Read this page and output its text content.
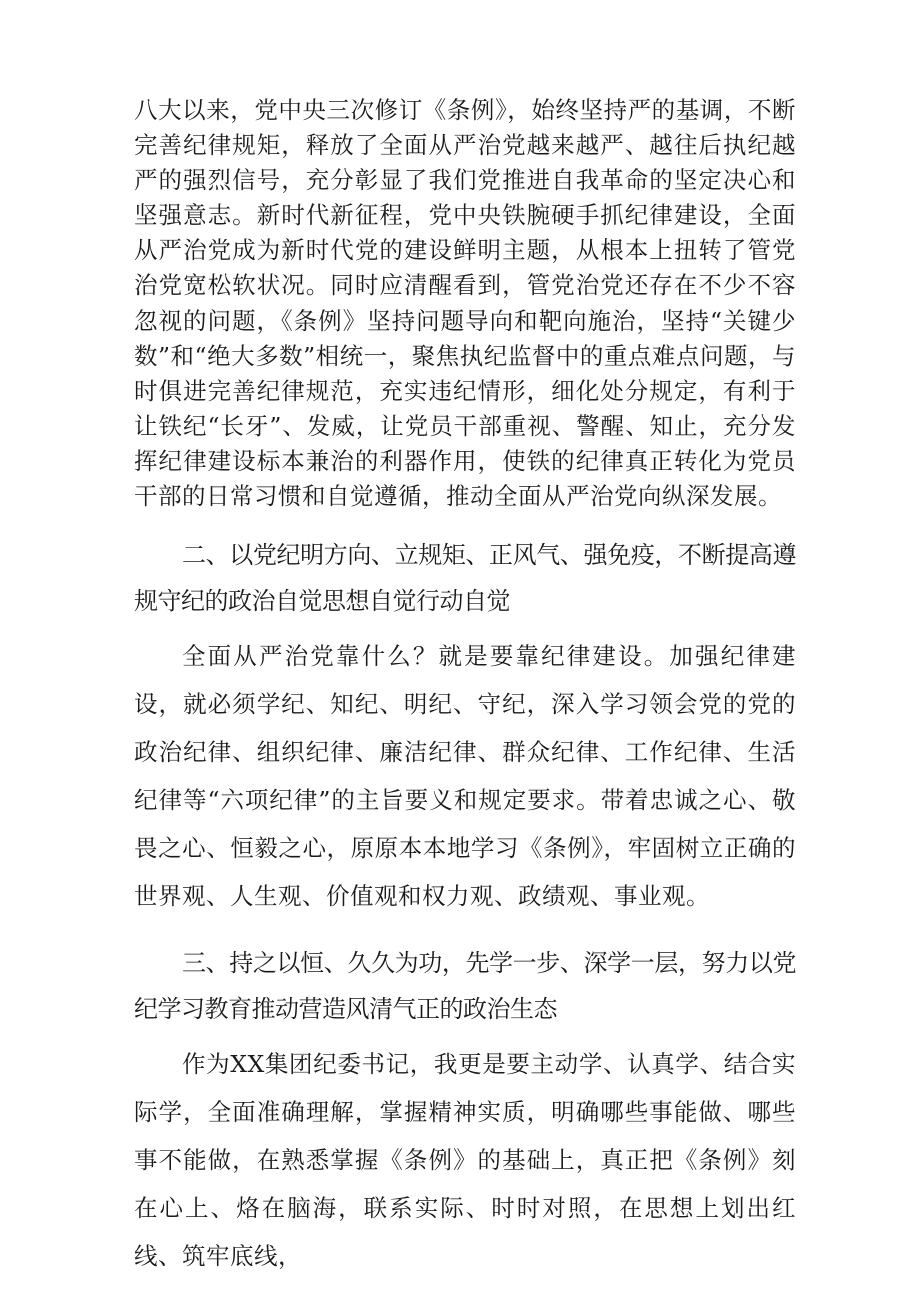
八大以来，党中央三次修订《条例》，始终坚持严的基调，不断完善纪律规矩，释放了全面从严治党越来越严、越往后执纪越严的强烈信号，充分彰显了我们党推进自我革命的坚定决心和坚强意志。新时代新征程，党中央铁腕硬手抓纪律建设，全面从严治党成为新时代党的建设鲜明主题，从根本上扭转了管党治党宽松软状况。同时应清醒看到，管党治党还存在不少不容忽视的问题，《条例》坚持问题导向和靶向施治，坚持“关键少数”和“绝大多数”相统一，聚焦执纪监督中的重点难点问题，与时俱进完善纪律规范，充实违纪情形，细化处分规定，有利于让铁纪“长牙”、发威，让党员干部重视、警醒、知止，充分发挥纪律建设标本兼治的利器作用，使铁的纪律真正转化为党员干部的日常习惯和自觉遵循，推动全面从严治党向纵深发展。

二、以党纪明方向、立规矩、正风气、强免疫，不断提高遵规守纪的政治自觉思想自觉行动自觉

全面从严治党靠什么？就是要靠纪律建设。加强纪律建设，就必须学纪、知纪、明纪、守纪，深入学习领会党的党的政治纪律、组织纪律、廉洁纪律、群众纪律、工作纪律、生活纪律等“六项纪律”的主旨要义和规定要求。带着忠诚之心、敬畏之心、恒毅之心，原原本本地学习《条例》，牢固树立正确的世界观、人生观、价值观和权力观、政绩观、事业观。

三、持之以恒、久久为功，先学一步、深学一层，努力以党纪学习教育推动营造风清气正的政治生态

作为XX集团纪委书记，我更是要主动学、认真学、结合实际学，全面准确理解，掌握精神实质，明确哪些事能做、哪些事不能做，在熟悉掌握《条例》的基础上，真正把《条例》刻在心上、烙在脑海，联系实际、时时对照，在思想上划出红线、筑牢底线，
